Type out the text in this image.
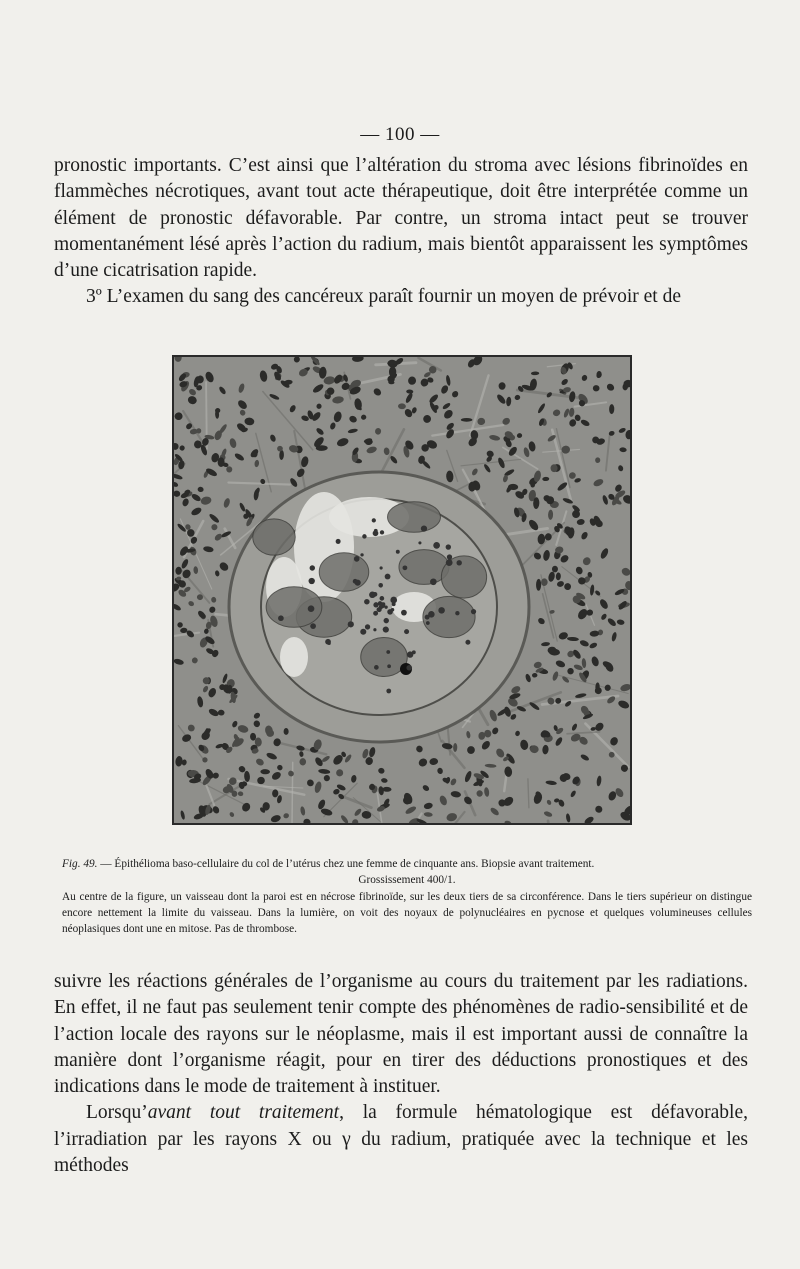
— 100 —

pronostic importants. C’est ainsi que l’altération du stroma avec lésions fibrinoïdes en flammèches nécrotiques, avant tout acte thérapeutique, doit être interprétée comme un élément de pronostic défavorable. Par contre, un stroma intact peut se trouver momentanément lésé après l’action du radium, mais bientôt apparaissent les symptômes d’une cicatrisation rapide.

3º L’examen du sang des cancéreux paraît fournir un moyen de prévoir et de

Fig. 49. — Épithélioma baso-cellulaire du col de l’utérus chez une femme de cinquante ans. Biopsie avant traitement.
Grossissement 400/1.
Au centre de la figure, un vaisseau dont la paroi est en nécrose fibrinoïde, sur les deux tiers de sa circonférence. Dans le tiers supérieur on distingue encore nettement la limite du vaisseau. Dans la lumière, on voit des noyaux de polynucléaires en pycnose et quelques volumineuses cellules néoplasiques dont une en mitose. Pas de thrombose.

suivre les réactions générales de l’organisme au cours du traitement par les radiations. En effet, il ne faut pas seulement tenir compte des phénomènes de radio-sensibilité et de l’action locale des rayons sur le néoplasme, mais il est important aussi de connaître la manière dont l’organisme réagit, pour en tirer des déductions pronostiques et des indications dans le mode de traitement à instituer.

Lorsqu’avant tout traitement, la formule hématologique est défavorable, l’irradiation par les rayons X ou γ du radium, pratiquée avec la technique et les méthodes
